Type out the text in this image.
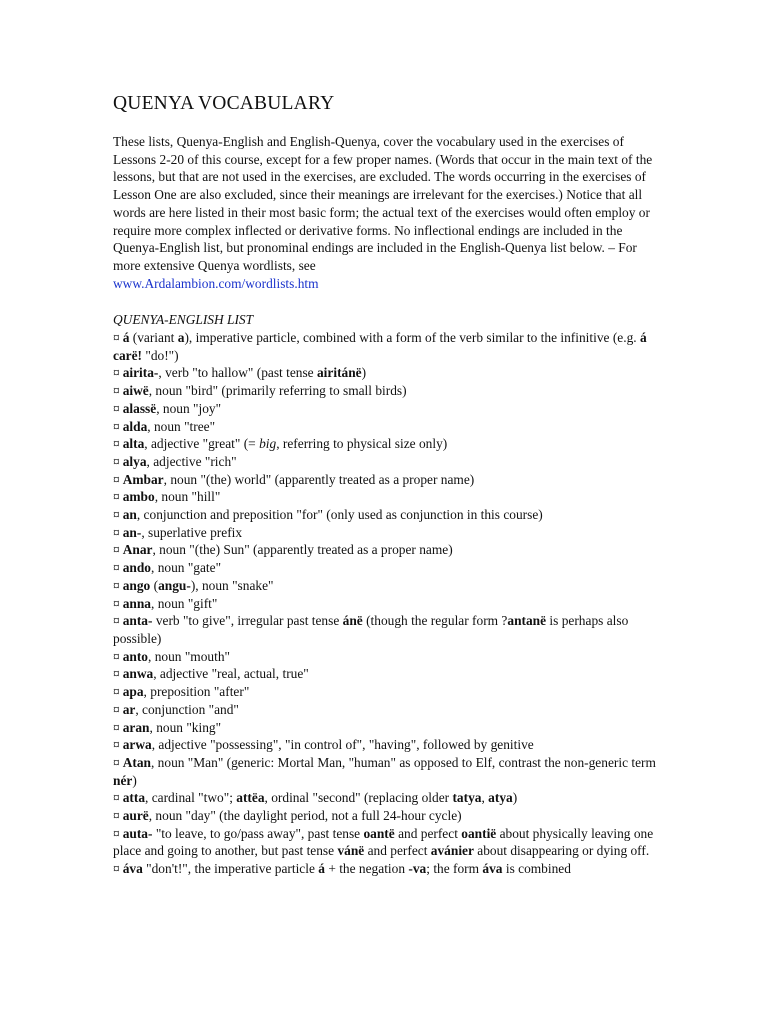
QUENYA VOCABULARY

These lists, Quenya-English and English-Quenya, cover the vocabulary used in the exercises of Lessons 2-20 of this course, except for a few proper names. (Words that occur in the main text of the lessons, but that are not used in the exercises, are excluded. The words occurring in the exercises of Lesson One are also excluded, since their meanings are irrelevant for the exercises.) Notice that all words are here listed in their most basic form; the actual text of the exercises would often employ or require more complex inflected or derivative forms. No inflectional endings are included in the Quenya-English list, but pronominal endings are included in the English-Quenya list below. – For more extensive Quenya wordlists, see
www.Ardalambion.com/wordlists.htm

QUENYA-ENGLISH LIST
¤ á (variant a), imperative particle, combined with a form of the verb similar to the infinitive (e.g. á carë! "do!")
¤ airita-, verb "to hallow" (past tense airitánë)
¤ aiwë, noun "bird" (primarily referring to small birds)
¤ alassë, noun "joy"
¤ alda, noun "tree"
¤ alta, adjective "great" (= big, referring to physical size only)
¤ alya, adjective "rich"
¤ Ambar, noun "(the) world" (apparently treated as a proper name)
¤ ambo, noun "hill"
¤ an, conjunction and preposition "for" (only used as conjunction in this course)
¤ an-, superlative prefix
¤ Anar, noun "(the) Sun" (apparently treated as a proper name)
¤ ando, noun "gate"
¤ ango (angu-), noun "snake"
¤ anna, noun "gift"
¤ anta- verb "to give", irregular past tense ánë (though the regular form ?antanë is perhaps also possible)
¤ anto, noun "mouth"
¤ anwa, adjective "real, actual, true"
¤ apa, preposition "after"
¤ ar, conjunction "and"
¤ aran, noun "king"
¤ arwa, adjective "possessing", "in control of", "having", followed by genitive
¤ Atan, noun "Man" (generic: Mortal Man, "human" as opposed to Elf, contrast the non-generic term nér)
¤ atta, cardinal "two"; attëa, ordinal "second" (replacing older tatya, atya)
¤ aurë, noun "day" (the daylight period, not a full 24-hour cycle)
¤ auta- "to leave, to go/pass away", past tense oantë and perfect oantië about physically leaving one place and going to another, but past tense vánë and perfect avánier about disappearing or dying off.
¤ áva "don't!", the imperative particle á + the negation -va; the form áva is combined
